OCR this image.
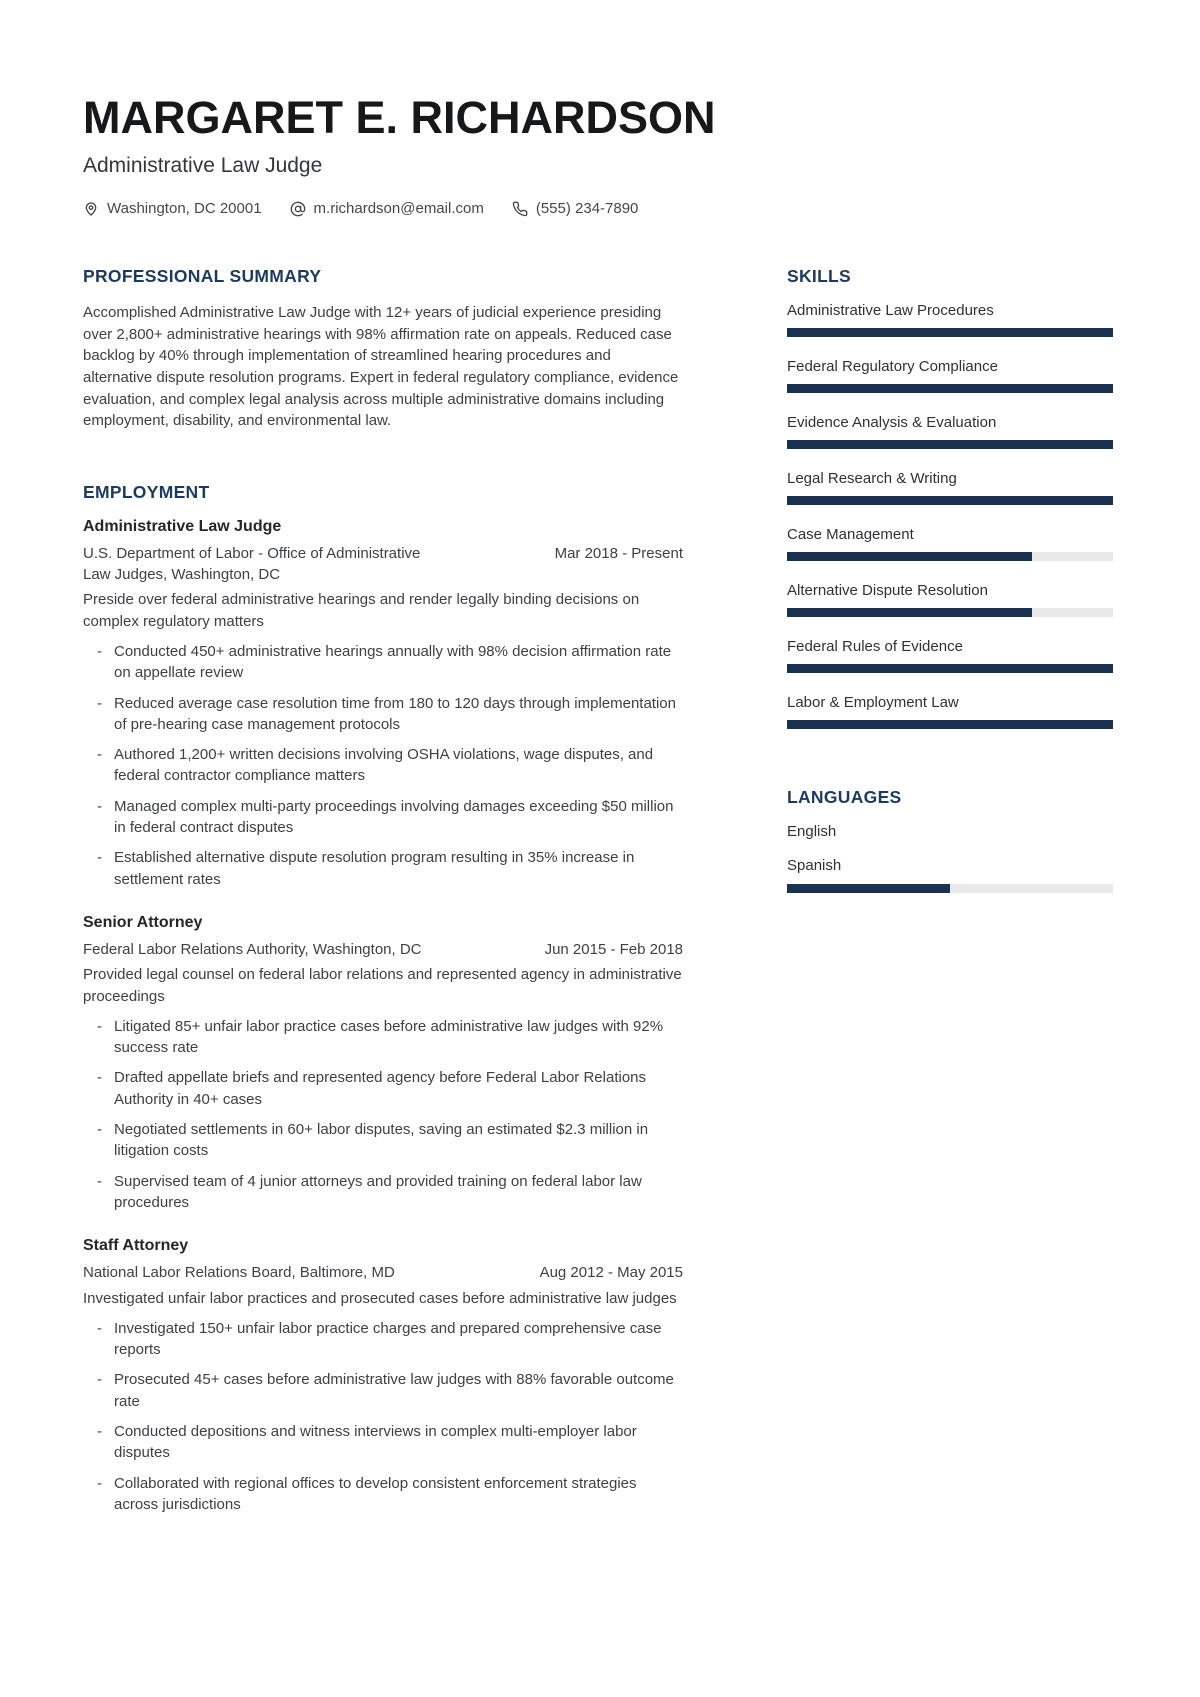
MARGARET E. RICHARDSON
Administrative Law Judge
Washington, DC 20001	m.richardson@email.com	(555) 234-7890
PROFESSIONAL SUMMARY

Accomplished Administrative Law Judge with 12+ years of judicial experience presiding over 2,800+ administrative hearings with 98% affirmation rate on appeals. Reduced case backlog by 40% through implementation of streamlined hearing procedures and alternative dispute resolution programs. Expert in federal regulatory compliance, evidence evaluation, and complex legal analysis across multiple administrative domains including employment, disability, and environmental law.

EMPLOYMENT
Administrative Law Judge
U.S. Department of Labor - Office of Administrative Law Judges, Washington, DC
Mar 2018 - Present

Preside over federal administrative hearings and render legally binding decisions on complex regulatory matters

- Conducted 450+ administrative hearings annually with 98% decision affirmation rate on appellate review
- Reduced average case resolution time from 180 to 120 days through implementation of pre-hearing case management protocols
- Authored 1,200+ written decisions involving OSHA violations, wage disputes, and federal contractor compliance matters
- Managed complex multi-party proceedings involving damages exceeding $50 million in federal contract disputes
- Established alternative dispute resolution program resulting in 35% increase in settlement rates
Senior Attorney
Federal Labor Relations Authority, Washington, DC	Jun 2015 - Feb 2018

Provided legal counsel on federal labor relations and represented agency in administrative proceedings

- Litigated 85+ unfair labor practice cases before administrative law judges with 92% success rate
- Drafted appellate briefs and represented agency before Federal Labor Relations Authority in 40+ cases
- Negotiated settlements in 60+ labor disputes, saving an estimated $2.3 million in litigation costs
- Supervised team of 4 junior attorneys and provided training on federal labor law procedures
Staff Attorney
National Labor Relations Board, Baltimore, MD	Aug 2012 - May 2015

Investigated unfair labor practices and prosecuted cases before administrative law judges

- Investigated 150+ unfair labor practice charges and prepared comprehensive case reports
- Prosecuted 45+ cases before administrative law judges with 88% favorable outcome rate
- Conducted depositions and witness interviews in complex multi-employer labor disputes
- Collaborated with regional offices to develop consistent enforcement strategies across jurisdictions
SKILLS
Administrative Law Procedures
Federal Regulatory Compliance
Evidence Analysis & Evaluation
Legal Research & Writing
Case Management
Alternative Dispute Resolution
Federal Rules of Evidence
Labor & Employment Law
LANGUAGES
English
Spanish
